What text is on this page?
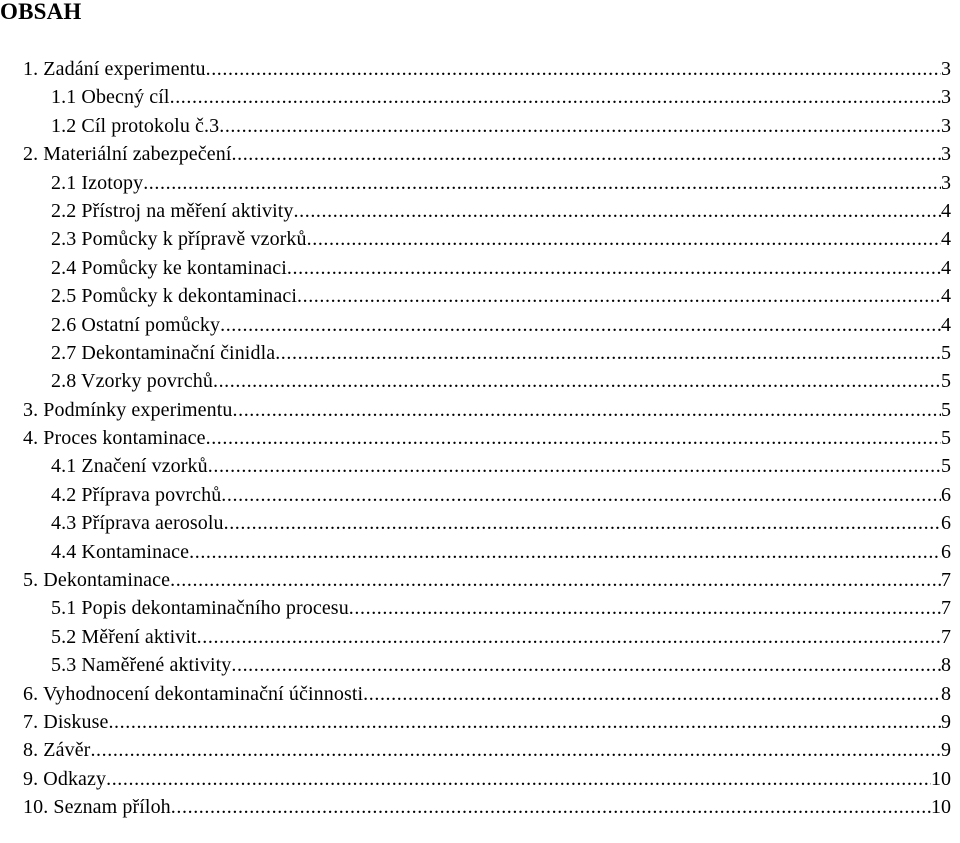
OBSAH
1. Zadání experimentu .....	3
1.1 Obecný cíl .....	3
1.2 Cíl protokolu č.3 .....	3
2. Materiální zabezpečení .....	3
2.1 Izotopy .....	3
2.2 Přístroj na měření aktivity .....	4
2.3 Pomůcky k přípravě vzorků .....	4
2.4 Pomůcky ke kontaminaci .....	4
2.5 Pomůcky k dekontaminaci .....	4
2.6 Ostatní pomůcky .....	4
2.7 Dekontaminační činidla .....	5
2.8 Vzorky povrchů .....	5
3. Podmínky experimentu .....	5
4. Proces kontaminace .....	5
4.1 Značení vzorků .....	5
4.2 Příprava povrchů .....	6
4.3 Příprava aerosolu .....	6
4.4 Kontaminace .....	6
5. Dekontaminace .....	7
5.1 Popis dekontaminačního procesu .....	7
5.2 Měření aktivit .....	7
5.3 Naměřené aktivity .....	8
6. Vyhodnocení dekontaminační účinnosti .....	8
7. Diskuse .....	9
8. Závěr .....	9
9. Odkazy .....	10
10. Seznam příloh .....	10
